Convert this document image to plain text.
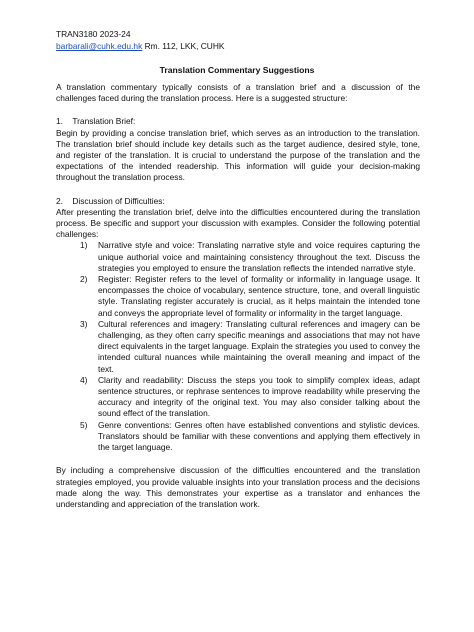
TRAN3180 2023-24
barbarali@cuhk.edu.hk Rm. 112, LKK, CUHK
Translation Commentary Suggestions

A translation commentary typically consists of a translation brief and a discussion of the challenges faced during the translation process. Here is a suggested structure:

1. Translation Brief:

Begin by providing a concise translation brief, which serves as an introduction to the translation. The translation brief should include key details such as the target audience, desired style, tone, and register of the translation. It is crucial to understand the purpose of the translation and the expectations of the intended readership. This information will guide your decision-making throughout the translation process.

2. Discussion of Difficulties:

After presenting the translation brief, delve into the difficulties encountered during the translation process. Be specific and support your discussion with examples. Consider the following potential challenges:

1) Narrative style and voice: Translating narrative style and voice requires capturing the unique authorial voice and maintaining consistency throughout the text. Discuss the strategies you employed to ensure the translation reflects the intended narrative style.
2) Register: Register refers to the level of formality or informality in language usage. It encompasses the choice of vocabulary, sentence structure, tone, and overall linguistic style. Translating register accurately is crucial, as it helps maintain the intended tone and conveys the appropriate level of formality or informality in the target language.
3) Cultural references and imagery: Translating cultural references and imagery can be challenging, as they often carry specific meanings and associations that may not have direct equivalents in the target language. Explain the strategies you used to convey the intended cultural nuances while maintaining the overall meaning and impact of the text.
4) Clarity and readability: Discuss the steps you took to simplify complex ideas, adapt sentence structures, or rephrase sentences to improve readability while preserving the accuracy and integrity of the original text. You may also consider talking about the sound effect of the translation.
5) Genre conventions: Genres often have established conventions and stylistic devices. Translators should be familiar with these conventions and applying them effectively in the target language.

By including a comprehensive discussion of the difficulties encountered and the translation strategies employed, you provide valuable insights into your translation process and the decisions made along the way. This demonstrates your expertise as a translator and enhances the understanding and appreciation of the translation work.
